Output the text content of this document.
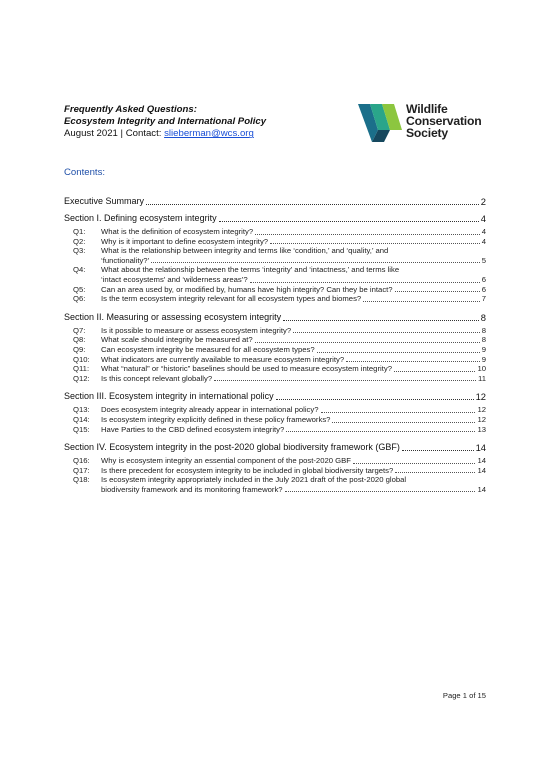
Frequently Asked Questions:
Ecosystem Integrity and International Policy
August 2021 | Contact: slieberman@wcs.org
Wildlife
Conservation
Society
Contents:
Executive Summary	2
Section I. Defining ecosystem integrity	4
Q1:	What is the definition of ecosystem integrity?	4
Q2:	Why is it important to define ecosystem integrity?	4
Q3:	What is the relationship between integrity and terms like ‘condition,’ and ‘quality,’ and
‘functionality?’	5
Q4:	What about the relationship between the terms ‘integrity’ and ‘intactness,’ and terms like
‘intact ecosystems’ and ‘wilderness areas’?	6
Q5:	Can an area used by, or modified by, humans have high integrity? Can they be intact?	6
Q6:	Is the term ecosystem integrity relevant for all ecosystem types and biomes?	7
Section II. Measuring or assessing ecosystem integrity	8
Q7:	Is it possible to measure or assess ecosystem integrity?	8
Q8:	What scale should integrity be measured at?	8
Q9:	Can ecosystem integrity be measured for all ecosystem types?	9
Q10:	What indicators are currently available to measure ecosystem integrity?	9
Q11:	What “natural” or “historic” baselines should be used to measure ecosystem integrity?	10
Q12:	Is this concept relevant globally?	11
Section III. Ecosystem integrity in international policy	12
Q13:	Does ecosystem integrity already appear in international policy?	12
Q14:	Is ecosystem integrity explicitly defined in these policy frameworks?	12
Q15:	Have Parties to the CBD defined ecosystem integrity?	13
Section IV. Ecosystem integrity in the post-2020 global biodiversity framework (GBF)	14
Q16:	Why is ecosystem integrity an essential component of the post-2020 GBF	14
Q17:	Is there precedent for ecosystem integrity to be included in global biodiversity targets?	14
Q18:	Is ecosystem integrity appropriately included in the July 2021 draft of the post-2020 global
biodiversity framework and its monitoring framework?	14
Page 1 of 15
